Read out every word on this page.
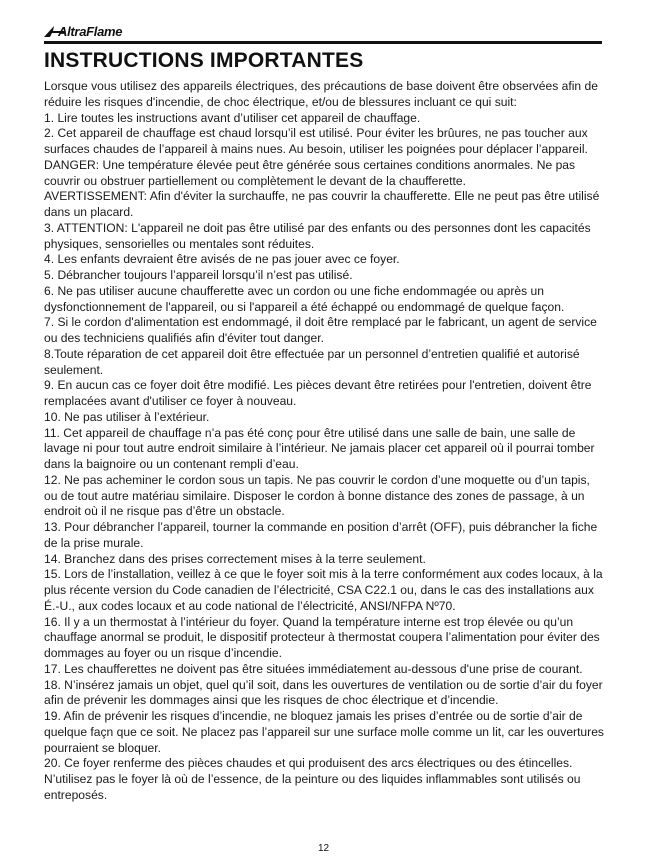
AltraFlame
INSTRUCTIONS IMPORTANTES

Lorsque vous utilisez des appareils électriques, des précautions de base doivent être observées afin de réduire les risques d'incendie, de choc électrique, et/ou de blessures incluant ce qui suit:

1. Lire toutes les instructions avant d’utiliser cet appareil de chauffage.

2. Cet appareil de chauffage est chaud lorsqu’il est utilisé. Pour éviter les brûures, ne pas toucher aux surfaces chaudes de l’appareil à mains nues. Au besoin, utiliser les poignées pour déplacer l’appareil.

DANGER: Une température élevée peut être générée sous certaines conditions anormales. Ne pas couvrir ou obstruer partiellement ou complètement le devant de la chaufferette.

AVERTISSEMENT: Afin d'éviter la surchauffe, ne pas couvrir la chaufferette. Elle ne peut pas être utilisé dans un placard.

3. ATTENTION: L'appareil ne doit pas être utilisé par des enfants ou des personnes dont les capacités physiques, sensorielles ou mentales sont réduites.

4. Les enfants devraient être avisés de ne pas jouer avec ce foyer.

5. Débrancher toujours l’appareil lorsqu’il n’est pas utilisé.

6. Ne pas utiliser aucune chaufferette avec un cordon ou une fiche endommagée ou après un dysfonctionnement de l'appareil, ou si l'appareil a été échappé ou endommagé de quelque façon.

7. Si le cordon d'alimentation est endommagé, il doit être remplacé par le fabricant, un agent de service ou des techniciens qualifiés afin d'éviter tout danger.

8.Toute réparation de cet appareil doit être effectuée par un personnel d’entretien qualifié et autorisé seulement.

9. En aucun cas ce foyer doit être modifié. Les pièces devant être retirées pour l'entretien, doivent être remplacées avant d'utiliser ce foyer à nouveau.

10. Ne pas utiliser à l’extérieur.

11. Cet appareil de chauffage n’a pas été conç pour être utilisé dans une salle de bain, une salle de lavage ni pour tout autre endroit similaire à l’intérieur. Ne jamais placer cet appareil où il pourrai tomber dans la baignoire ou un contenant rempli d’eau.

12. Ne pas acheminer le cordon sous un tapis. Ne pas couvrir le cordon d’une moquette ou d’un tapis, ou de tout autre matériau similaire. Disposer le cordon à bonne distance des zones de passage, à un endroit où il ne risque pas d’être un obstacle.

13. Pour débrancher l’appareil, tourner la commande en position d’arrêt (OFF), puis débrancher la fiche de la prise murale.

14. Branchez dans des prises correctement mises à la terre seulement.

15. Lors de l’installation, veillez à ce que le foyer soit mis à la terre conformément aux codes locaux, à la plus récente version du Code canadien de l’électricité, CSA C22.1 ou, dans le cas des installations aux É.-U., aux codes locaux et au code national de l’électricité, ANSI/NFPA Nº70.

16. Il y a un thermostat à l’intérieur du foyer. Quand la température interne est trop élevée ou qu’un chauffage anormal se produit, le dispositif protecteur à thermostat coupera l’alimentation pour éviter des dommages au foyer ou un risque d’incendie.

17. Les chaufferettes ne doivent pas être situées immédiatement au-dessous d'une prise de courant.

18. N’insérez jamais un objet, quel qu’il soit, dans les ouvertures de ventilation ou de sortie d’air du foyer afin de prévenir les dommages ainsi que les risques de choc électrique et d’incendie.

19. Afin de prévenir les risques d’incendie, ne bloquez jamais les prises d’entrée ou de sortie d’air de quelque façn que ce soit. Ne placez pas l’appareil sur une surface molle comme un lit, car les ouvertures pourraient se bloquer.

20. Ce foyer renferme des pièces chaudes et qui produisent des arcs électriques ou des étincelles. N’utilisez pas le foyer là où de l’essence, de la peinture ou des liquides inflammables sont utilisés ou entreposés.

12
